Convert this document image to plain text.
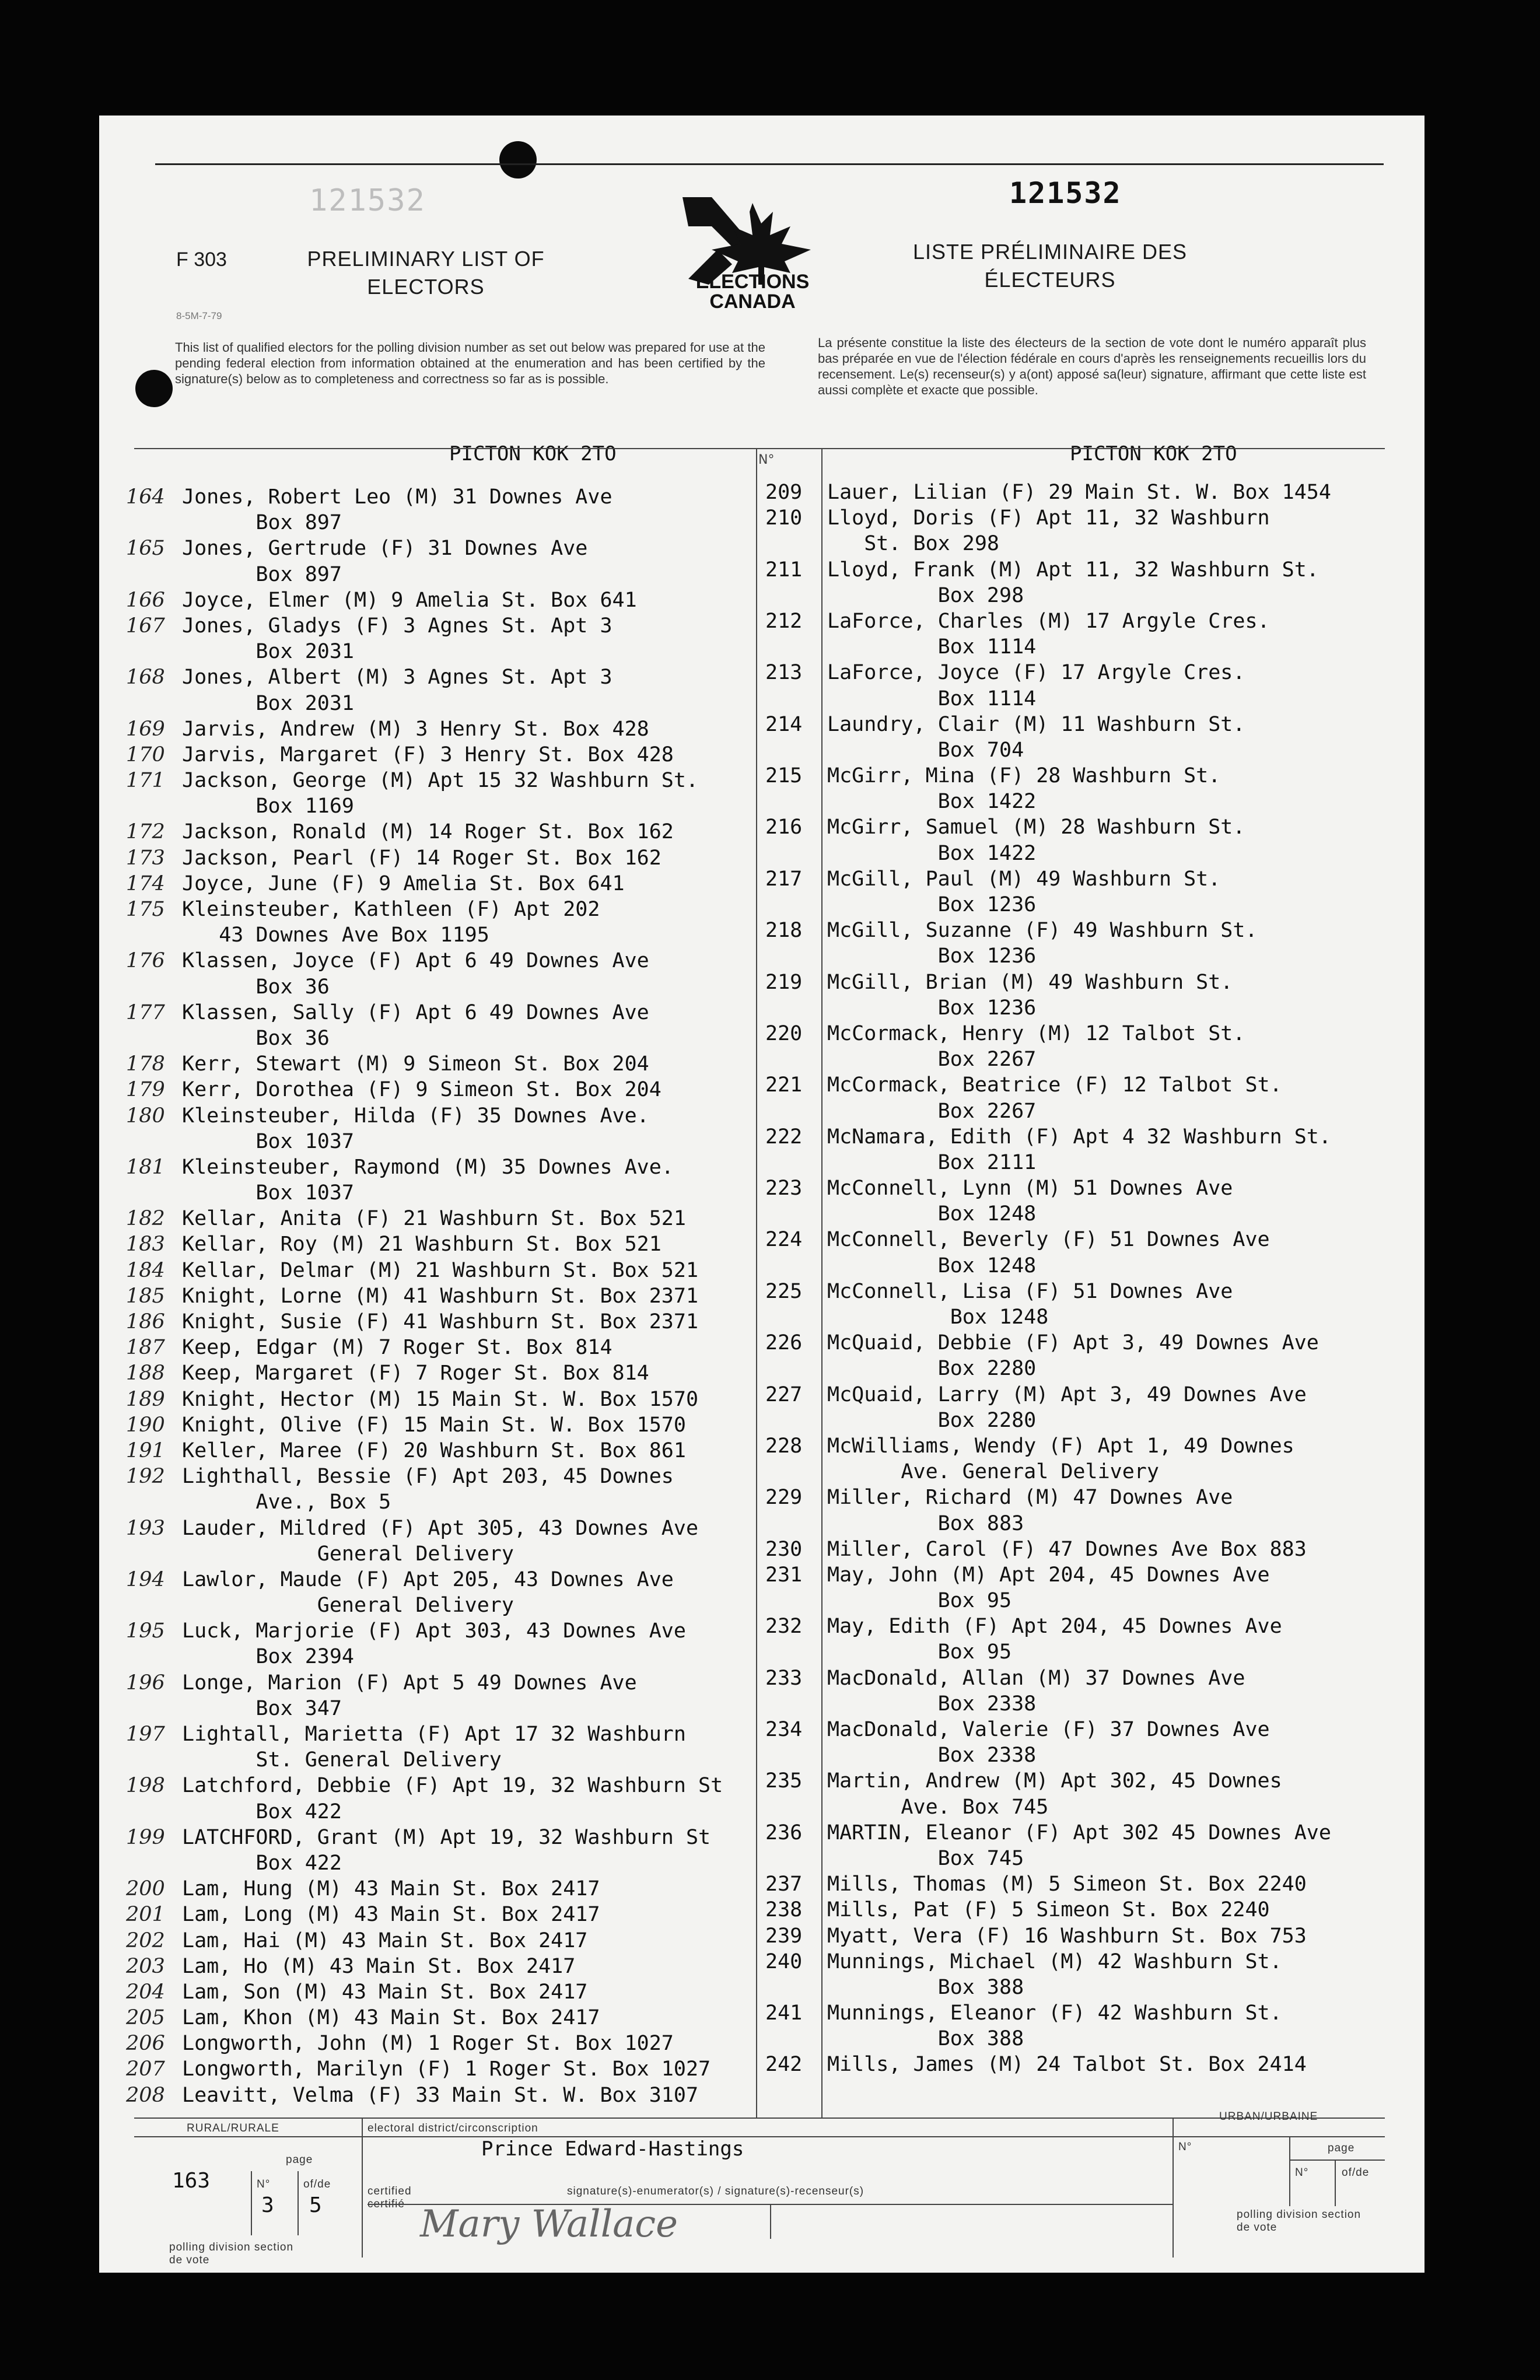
121532
F 303	PRELIMINARY LIST OF ELECTORS
8-5M-7-79
ELECTIONS CANADA
121532
LISTE PRÉLIMINAIRE DES ÉLECTEURS
This list of qualified electors for the polling division number as set out below was prepared for use at the pending federal election from information obtained at the enumeration and has been certified by the signature(s) below as to completeness and correctness so far as is possible.
La présente constitue la liste des électeurs de la section de vote dont le numéro apparaît plus bas préparée en vue de l'élection fédérale en cours d'après les renseignements recueillis lors du recensement. Le(s) recenseur(s) y a(ont) apposé sa(leur) signature, affirmant que cette liste est aussi complète et exacte que possible.
PICTON KOK 2TO	PICTON KOK 2TO
N°
164 Jones, Robert Leo (M) 31 Downes Ave
Box 897
165 Jones, Gertrude (F) 31 Downes Ave
Box 897
166 Joyce, Elmer (M) 9 Amelia St. Box 641
167 Jones, Gladys (F) 3 Agnes St. Apt 3
Box 2031
168 Jones, Albert (M) 3 Agnes St. Apt 3
Box 2031
169 Jarvis, Andrew (M) 3 Henry St. Box 428
170 Jarvis, Margaret (F) 3 Henry St. Box 428
171 Jackson, George (M) Apt 15 32 Washburn St.
Box 1169
172 Jackson, Ronald (M) 14 Roger St. Box 162
173 Jackson, Pearl (F) 14 Roger St. Box 162
174 Joyce, June (F) 9 Amelia St. Box 641
175 Kleinsteuber, Kathleen (F) Apt 202
43 Downes Ave Box 1195
176 Klassen, Joyce (F) Apt 6 49 Downes Ave
Box 36
177 Klassen, Sally (F) Apt 6 49 Downes Ave
Box 36
178 Kerr, Stewart (M) 9 Simeon St. Box 204
179 Kerr, Dorothea (F) 9 Simeon St. Box 204
180 Kleinsteuber, Hilda (F) 35 Downes Ave.
Box 1037
181 Kleinsteuber, Raymond (M) 35 Downes Ave.
Box 1037
182 Kellar, Anita (F) 21 Washburn St. Box 521
183 Kellar, Roy (M) 21 Washburn St. Box 521
184 Kellar, Delmar (M) 21 Washburn St. Box 521
185 Knight, Lorne (M) 41 Washburn St. Box 2371
186 Knight, Susie (F) 41 Washburn St. Box 2371
187 Keep, Edgar (M) 7 Roger St. Box 814
188 Keep, Margaret (F) 7 Roger St. Box 814
189 Knight, Hector (M) 15 Main St. W. Box 1570
190 Knight, Olive (F) 15 Main St. W. Box 1570
191 Keller, Maree (F) 20 Washburn St. Box 861
192 Lighthall, Bessie (F) Apt 203, 45 Downes
Ave., Box 5
193 Lauder, Mildred (F) Apt 305, 43 Downes Ave
General Delivery
194 Lawlor, Maude (F) Apt 205, 43 Downes Ave
General Delivery
195 Luck, Marjorie (F) Apt 303, 43 Downes Ave
Box 2394
196 Longe, Marion (F) Apt 5 49 Downes Ave
Box 347
197 Lightall, Marietta (F) Apt 17 32 Washburn
St. General Delivery
198 Latchford, Debbie (F) Apt 19, 32 Washburn St
Box 422
199 LATCHFORD, Grant (M) Apt 19, 32 Washburn St
Box 422
200 Lam, Hung (M) 43 Main St. Box 2417
201 Lam, Long (M) 43 Main St. Box 2417
202 Lam, Hai (M) 43 Main St. Box 2417
203 Lam, Ho (M) 43 Main St. Box 2417
204 Lam, Son (M) 43 Main St. Box 2417
205 Lam, Khon (M) 43 Main St. Box 2417
206 Longworth, John (M) 1 Roger St. Box 1027
207 Longworth, Marilyn (F) 1 Roger St. Box 1027
208 Leavitt, Velma (F) 33 Main St. W. Box 3107
209	Lauer, Lilian (F) 29 Main St. W. Box 1454
210	Lloyd, Doris (F) Apt 11, 32 Washburn
St. Box 298
211	Lloyd, Frank (M) Apt 11, 32 Washburn St.
Box 298
212	LaForce, Charles (M) 17 Argyle Cres.
Box 1114
213	LaForce, Joyce (F) 17 Argyle Cres.
Box 1114
214	Laundry, Clair (M) 11 Washburn St.
Box 704
215	McGirr, Mina (F) 28 Washburn St.
Box 1422
216	McGirr, Samuel (M) 28 Washburn St.
Box 1422
217	McGill, Paul (M) 49 Washburn St.
Box 1236
218	McGill, Suzanne (F) 49 Washburn St.
Box 1236
219	McGill, Brian (M) 49 Washburn St.
Box 1236
220	McCormack, Henry (M) 12 Talbot St.
Box 2267
221	McCormack, Beatrice (F) 12 Talbot St.
Box 2267
222	McNamara, Edith (F) Apt 4 32 Washburn St.
Box 2111
223	McConnell, Lynn (M) 51 Downes Ave
Box 1248
224	McConnell, Beverly (F) 51 Downes Ave
Box 1248
225	McConnell, Lisa (F) 51 Downes Ave
Box 1248
226	McQuaid, Debbie (F) Apt 3, 49 Downes Ave
Box 2280
227	McQuaid, Larry (M) Apt 3, 49 Downes Ave
Box 2280
228	McWilliams, Wendy (F) Apt 1, 49 Downes
Ave. General Delivery
229	Miller, Richard (M) 47 Downes Ave
Box 883
230	Miller, Carol (F) 47 Downes Ave Box 883
231	May, John (M) Apt 204, 45 Downes Ave
Box 95
232	May, Edith (F) Apt 204, 45 Downes Ave
Box 95
233	MacDonald, Allan (M) 37 Downes Ave
Box 2338
234	MacDonald, Valerie (F) 37 Downes Ave
Box 2338
235	Martin, Andrew (M) Apt 302, 45 Downes
Ave. Box 745
236	MARTIN, Eleanor (F) Apt 302 45 Downes Ave
Box 745
237	Mills, Thomas (M) 5 Simeon St. Box 2240
238	Mills, Pat (F) 5 Simeon St. Box 2240
239	Myatt, Vera (F) 16 Washburn St. Box 753
240	Munnings, Michael (M) 42 Washburn St.
Box 388
241	Munnings, Eleanor (F) 42 Washburn St.
Box 388
242	Mills, James (M) 24 Talbot St. Box 2414
RURAL/RURALE
URBAN/URBAINE
electoral district/circonscription
Prince Edward-Hastings
page
N°	of/de
163
3 5
polling division section de vote
certified certifié
signature(s)-enumerator(s) / signature(s)-recenseur(s)
Mary Wallace
N°	page
N°	of/de
polling division section de vote
